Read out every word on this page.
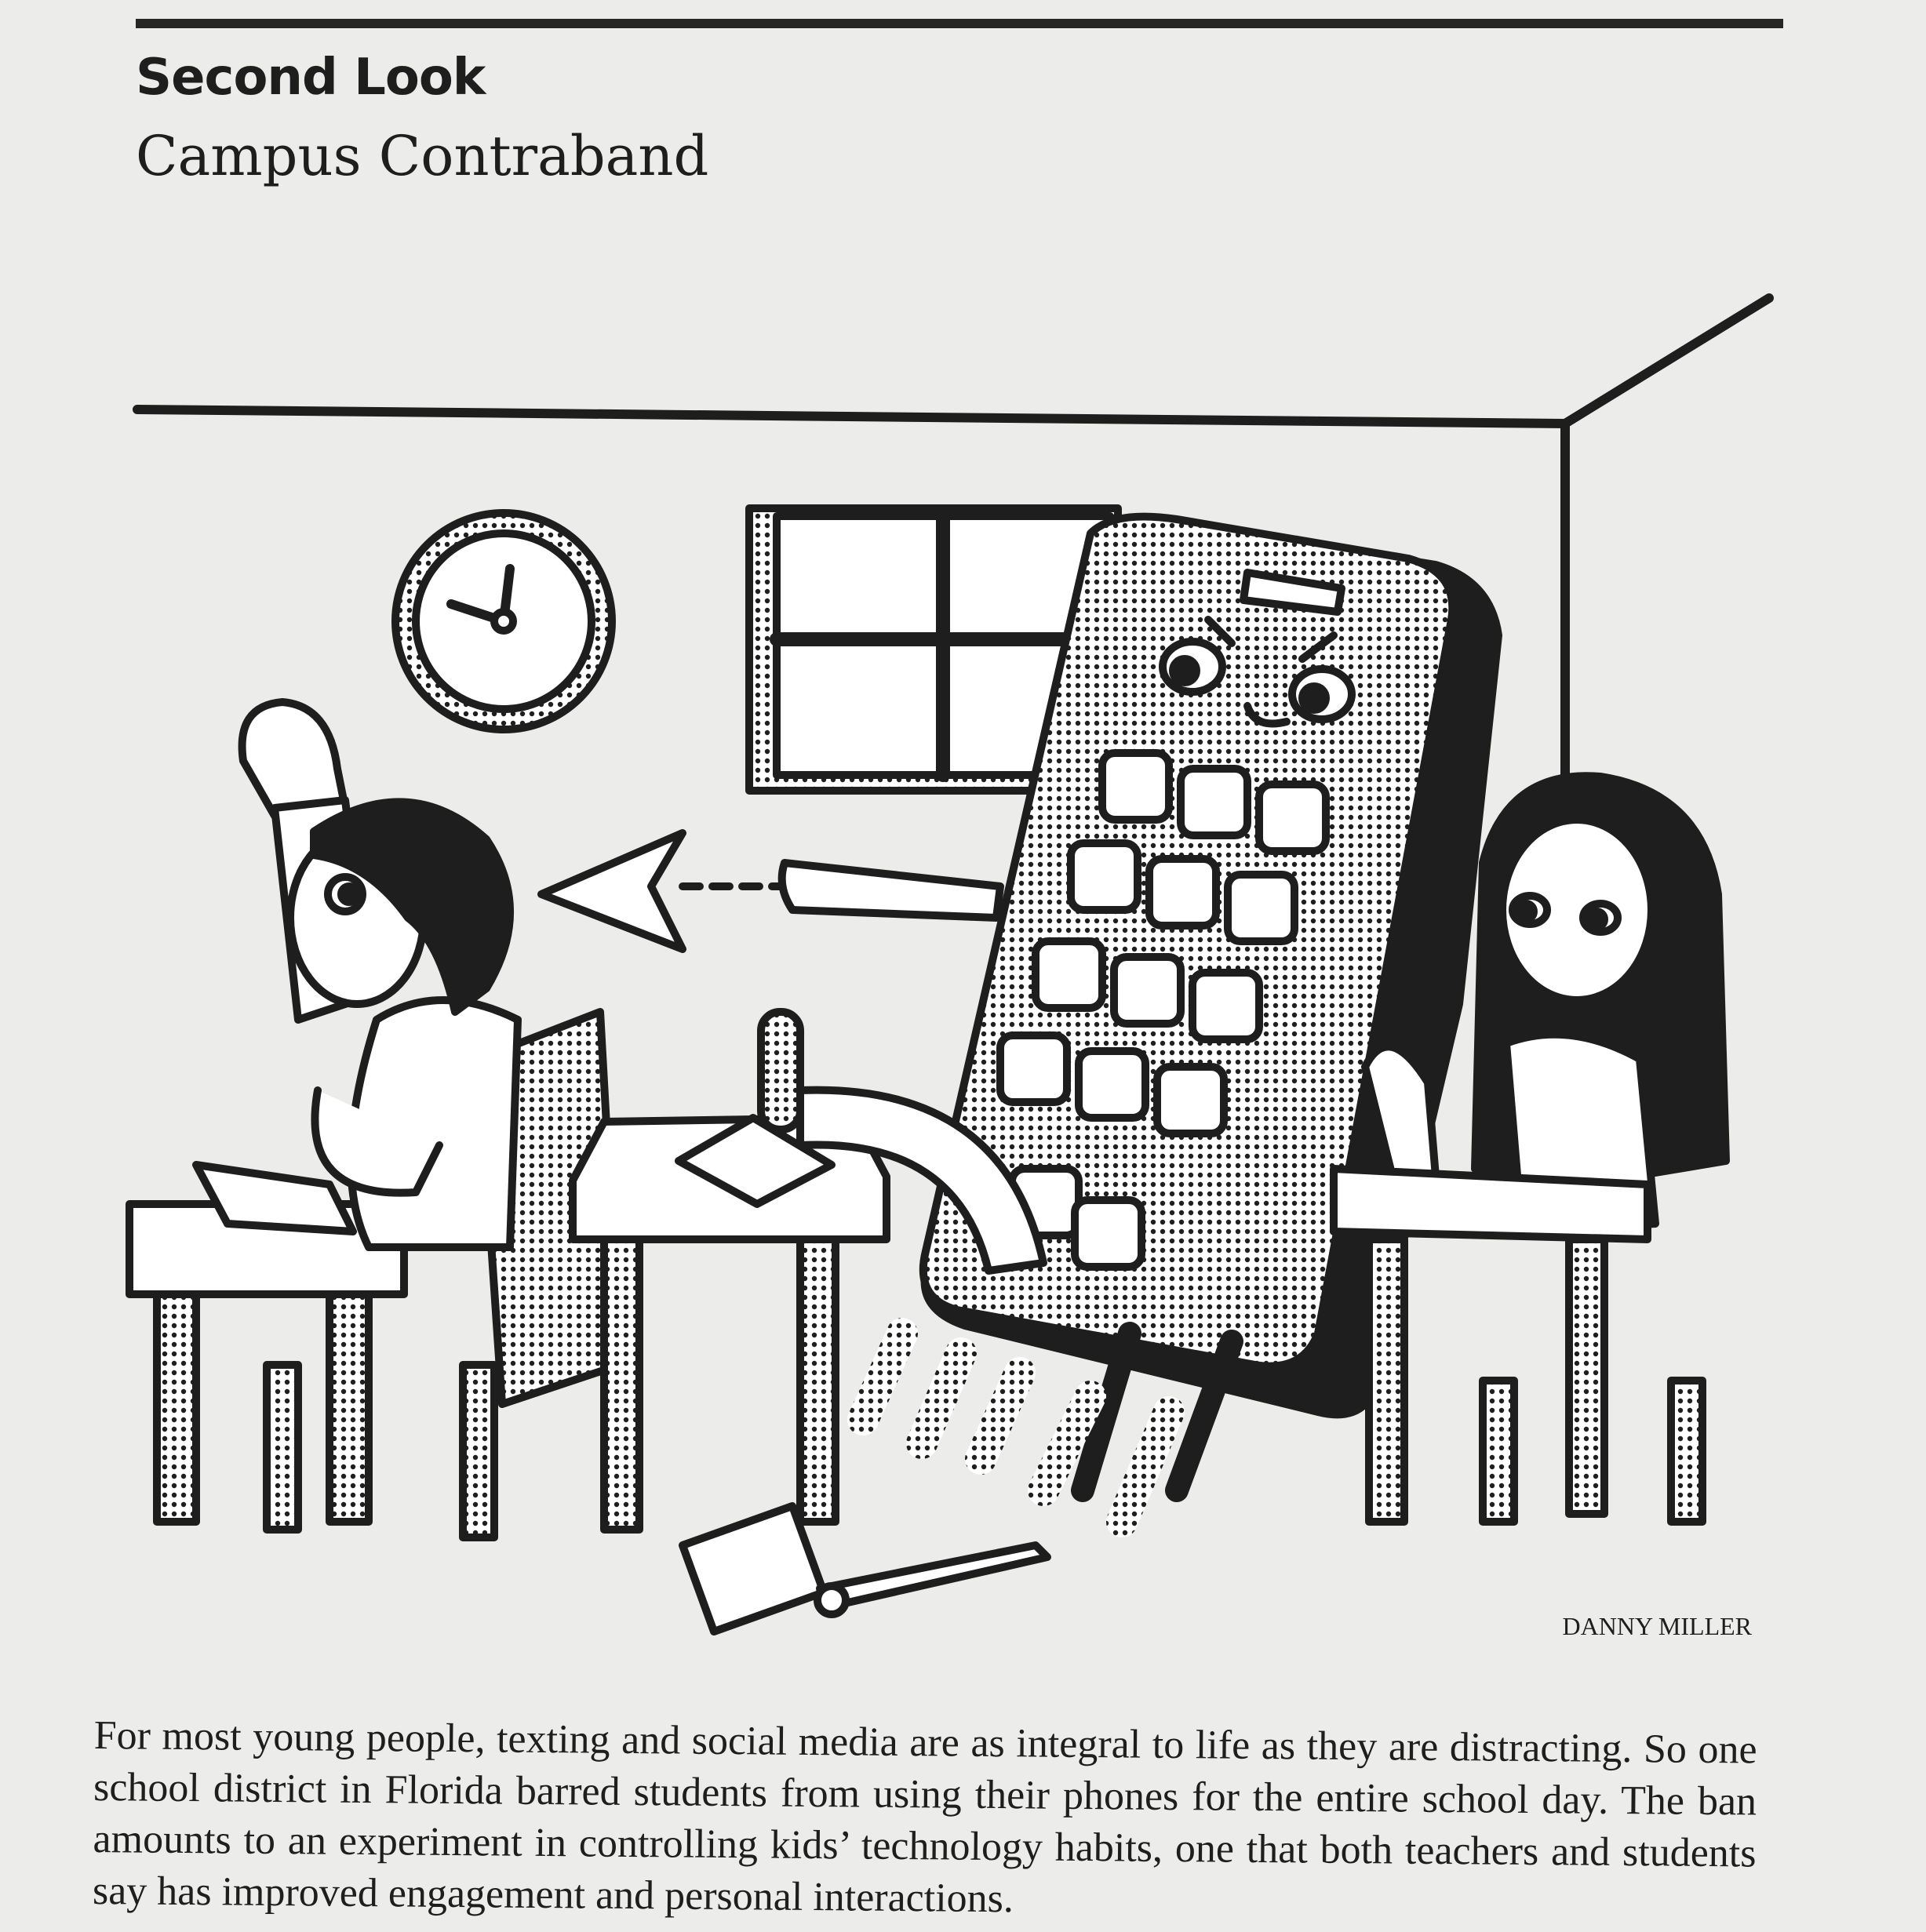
Second Look
Campus Contraband
DANNY MILLER
For most young people, texting and social media are as integral to life as they are distracting. So one school district in Florida barred students from using their phones for the entire school day. The ban amounts to an experiment in controlling kids’ technology habits, one that both teachers and students say has improved engagement and personal interactions.
